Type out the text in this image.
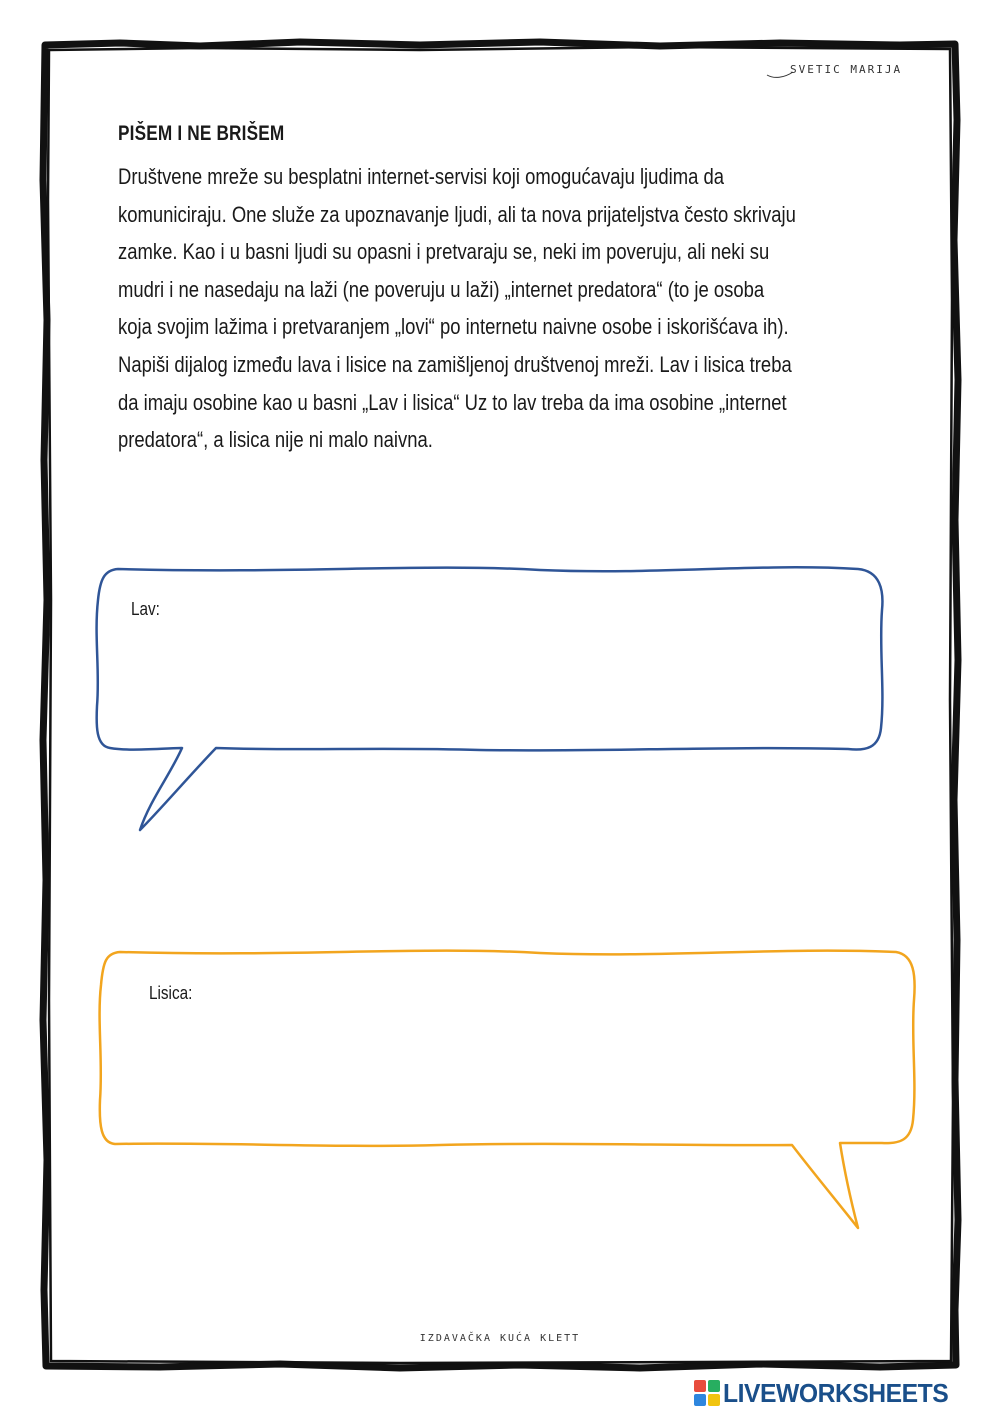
SVETIC MARIJA
PIŠEM I NE BRIŠEM
Društvene mreže su besplatni internet-servisi koji omogućavaju ljudima da
komuniciraju. One služe za upoznavanje ljudi, ali ta nova prijateljstva često skrivaju
zamke. Kao i u basni ljudi su opasni i pretvaraju se, neki im poveruju, ali neki su
mudri i ne nasedaju na laži (ne poveruju u laži) „internet predatora“ (to je osoba
koja svojim lažima i pretvaranjem „lovi“ po internetu naivne osobe i iskorišćava ih).
Napiši dijalog između lava i lisice na zamišljenoj društvenoj mreži. Lav i lisica treba
da imaju osobine kao u basni „Lav i lisica“ Uz to lav treba da ima osobine „internet
predatora“, a lisica nije ni malo naivna.
Lav:
Lisica:
IZDAVAČKA KUĆA KLETT
LIVEWORKSHEETS
